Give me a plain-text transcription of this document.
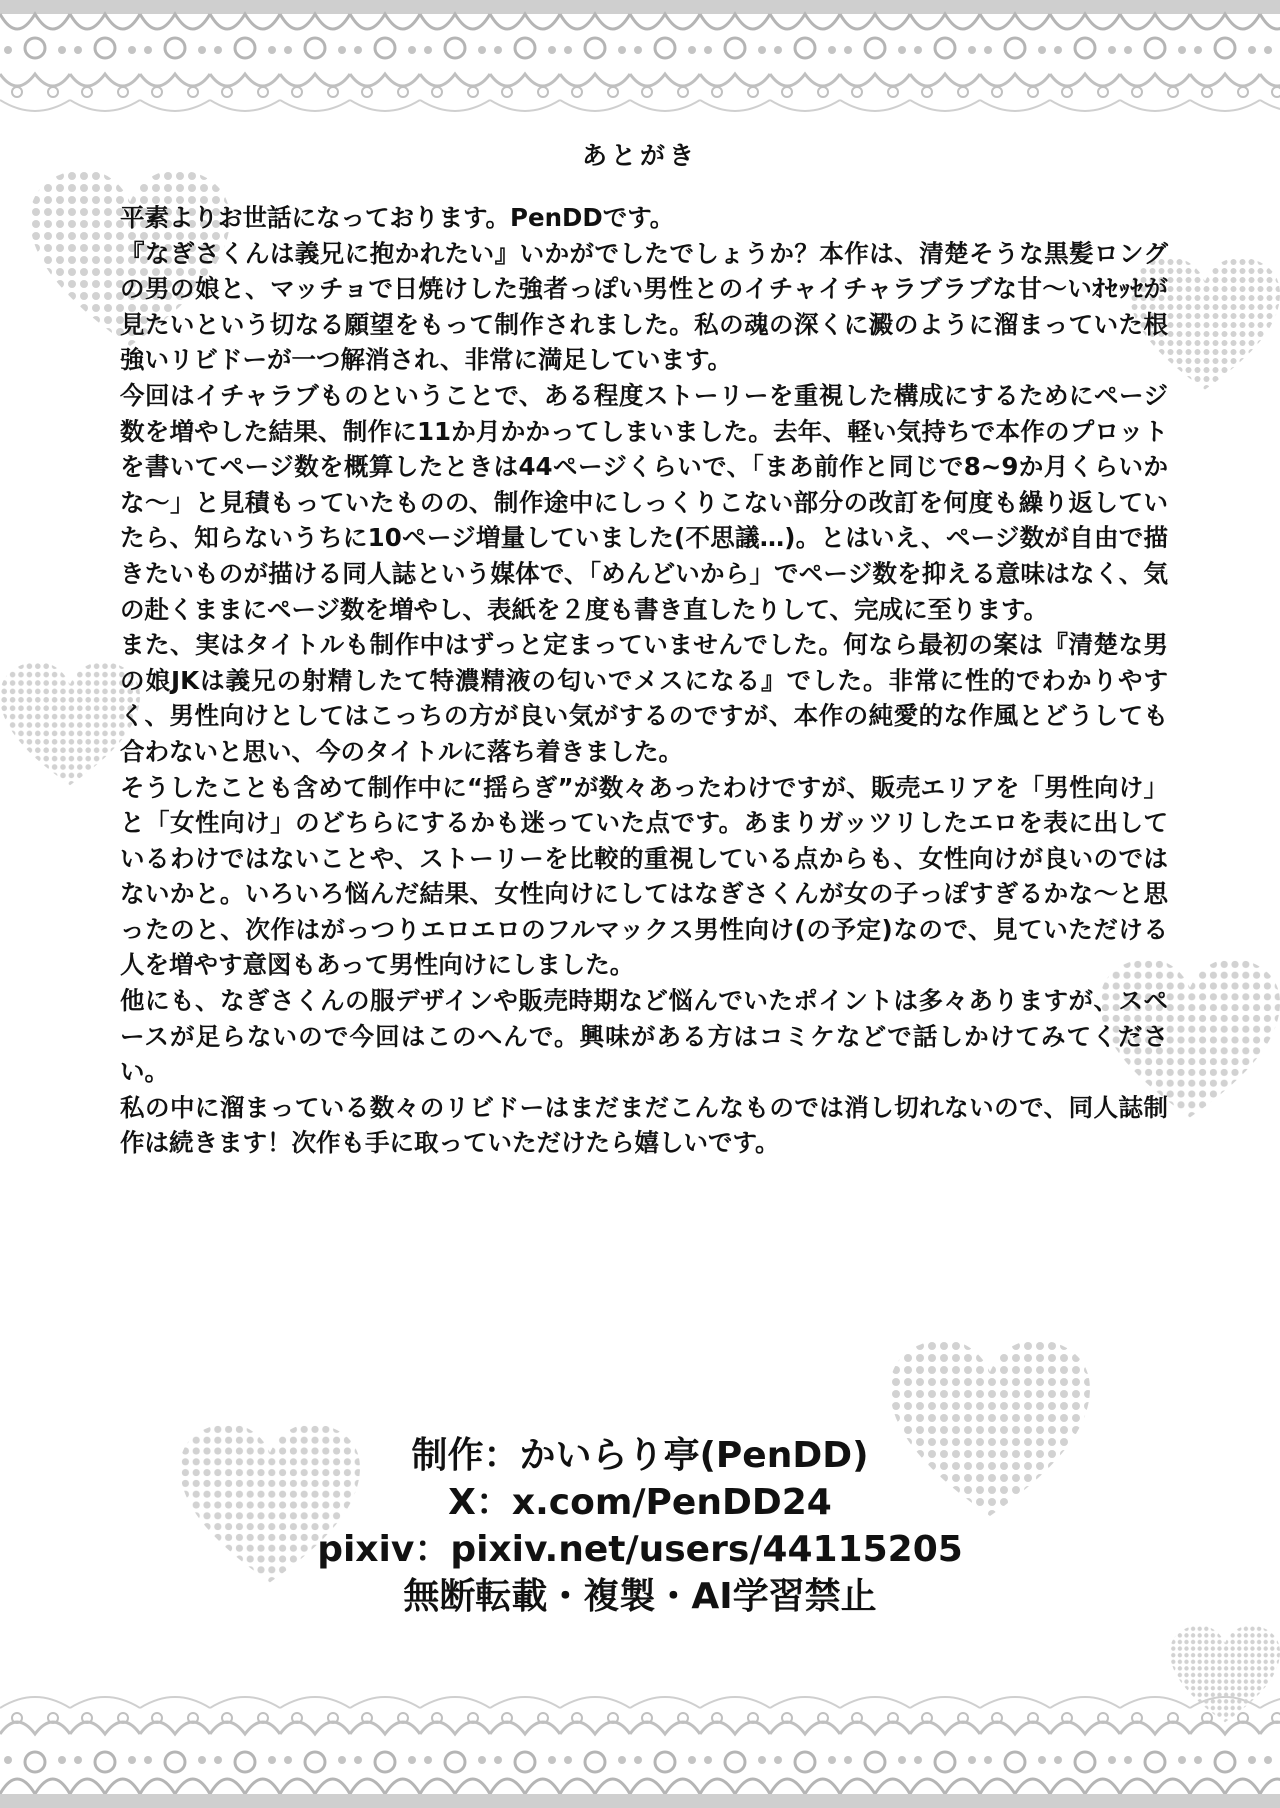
あとがき

平素よりお世話になっております。PenDDです。

『なぎさくんは義兄に抱かれたい』いかがでしたでしょうか？本作は、清楚そうな黒髪ロングの男の娘と、マッチョで日焼けした強者っぽい男性とのイチャイチャラブラブな甘〜いｵｾｯｾが見たいという切なる願望をもって制作されました。私の魂の深くに澱のように溜まっていた根強いリビドーが一つ解消され、非常に満足しています。

今回はイチャラブものということで、ある程度ストーリーを重視した構成にするためにページ数を増やした結果、制作に11か月かかってしまいました。去年、軽い気持ちで本作のプロットを書いてページ数を概算したときは44ページくらいで、「まあ前作と同じで8~9か月くらいかな〜」と見積もっていたものの、制作途中にしっくりこない部分の改訂を何度も繰り返していたら、知らないうちに10ページ増量していました(不思議…)。とはいえ、ページ数が自由で描きたいものが描ける同人誌という媒体で、「めんどいから」でページ数を抑える意味はなく、気の赴くままにページ数を増やし、表紙を２度も書き直したりして、完成に至ります。

また、実はタイトルも制作中はずっと定まっていませんでした。何なら最初の案は『清楚な男の娘JKは義兄の射精したて特濃精液の匂いでメスになる』でした。非常に性的でわかりやすく、男性向けとしてはこっちの方が良い気がするのですが、本作の純愛的な作風とどうしても合わないと思い、今のタイトルに落ち着きました。

そうしたことも含めて制作中に“揺らぎ”が数々あったわけですが、販売エリアを「男性向け」と「女性向け」のどちらにするかも迷っていた点です。あまりガッツリしたエロを表に出しているわけではないことや、ストーリーを比較的重視している点からも、女性向けが良いのではないかと。いろいろ悩んだ結果、女性向けにしてはなぎさくんが女の子っぽすぎるかな〜と思ったのと、次作はがっつりエロエロのフルマックス男性向け(の予定)なので、見ていただける人を増やす意図もあって男性向けにしました。

他にも、なぎさくんの服デザインや販売時期など悩んでいたポイントは多々ありますが、スペースが足らないので今回はこのへんで。興味がある方はコミケなどで話しかけてみてください。

私の中に溜まっている数々のリビドーはまだまだこんなものでは消し切れないので、同人誌制作は続きます！次作も手に取っていただけたら嬉しいです。

制作：かいらり亭(PenDD)
X：x.com/PenDD24
pixiv：pixiv.net/users/44115205
無断転載・複製・AI学習禁止
